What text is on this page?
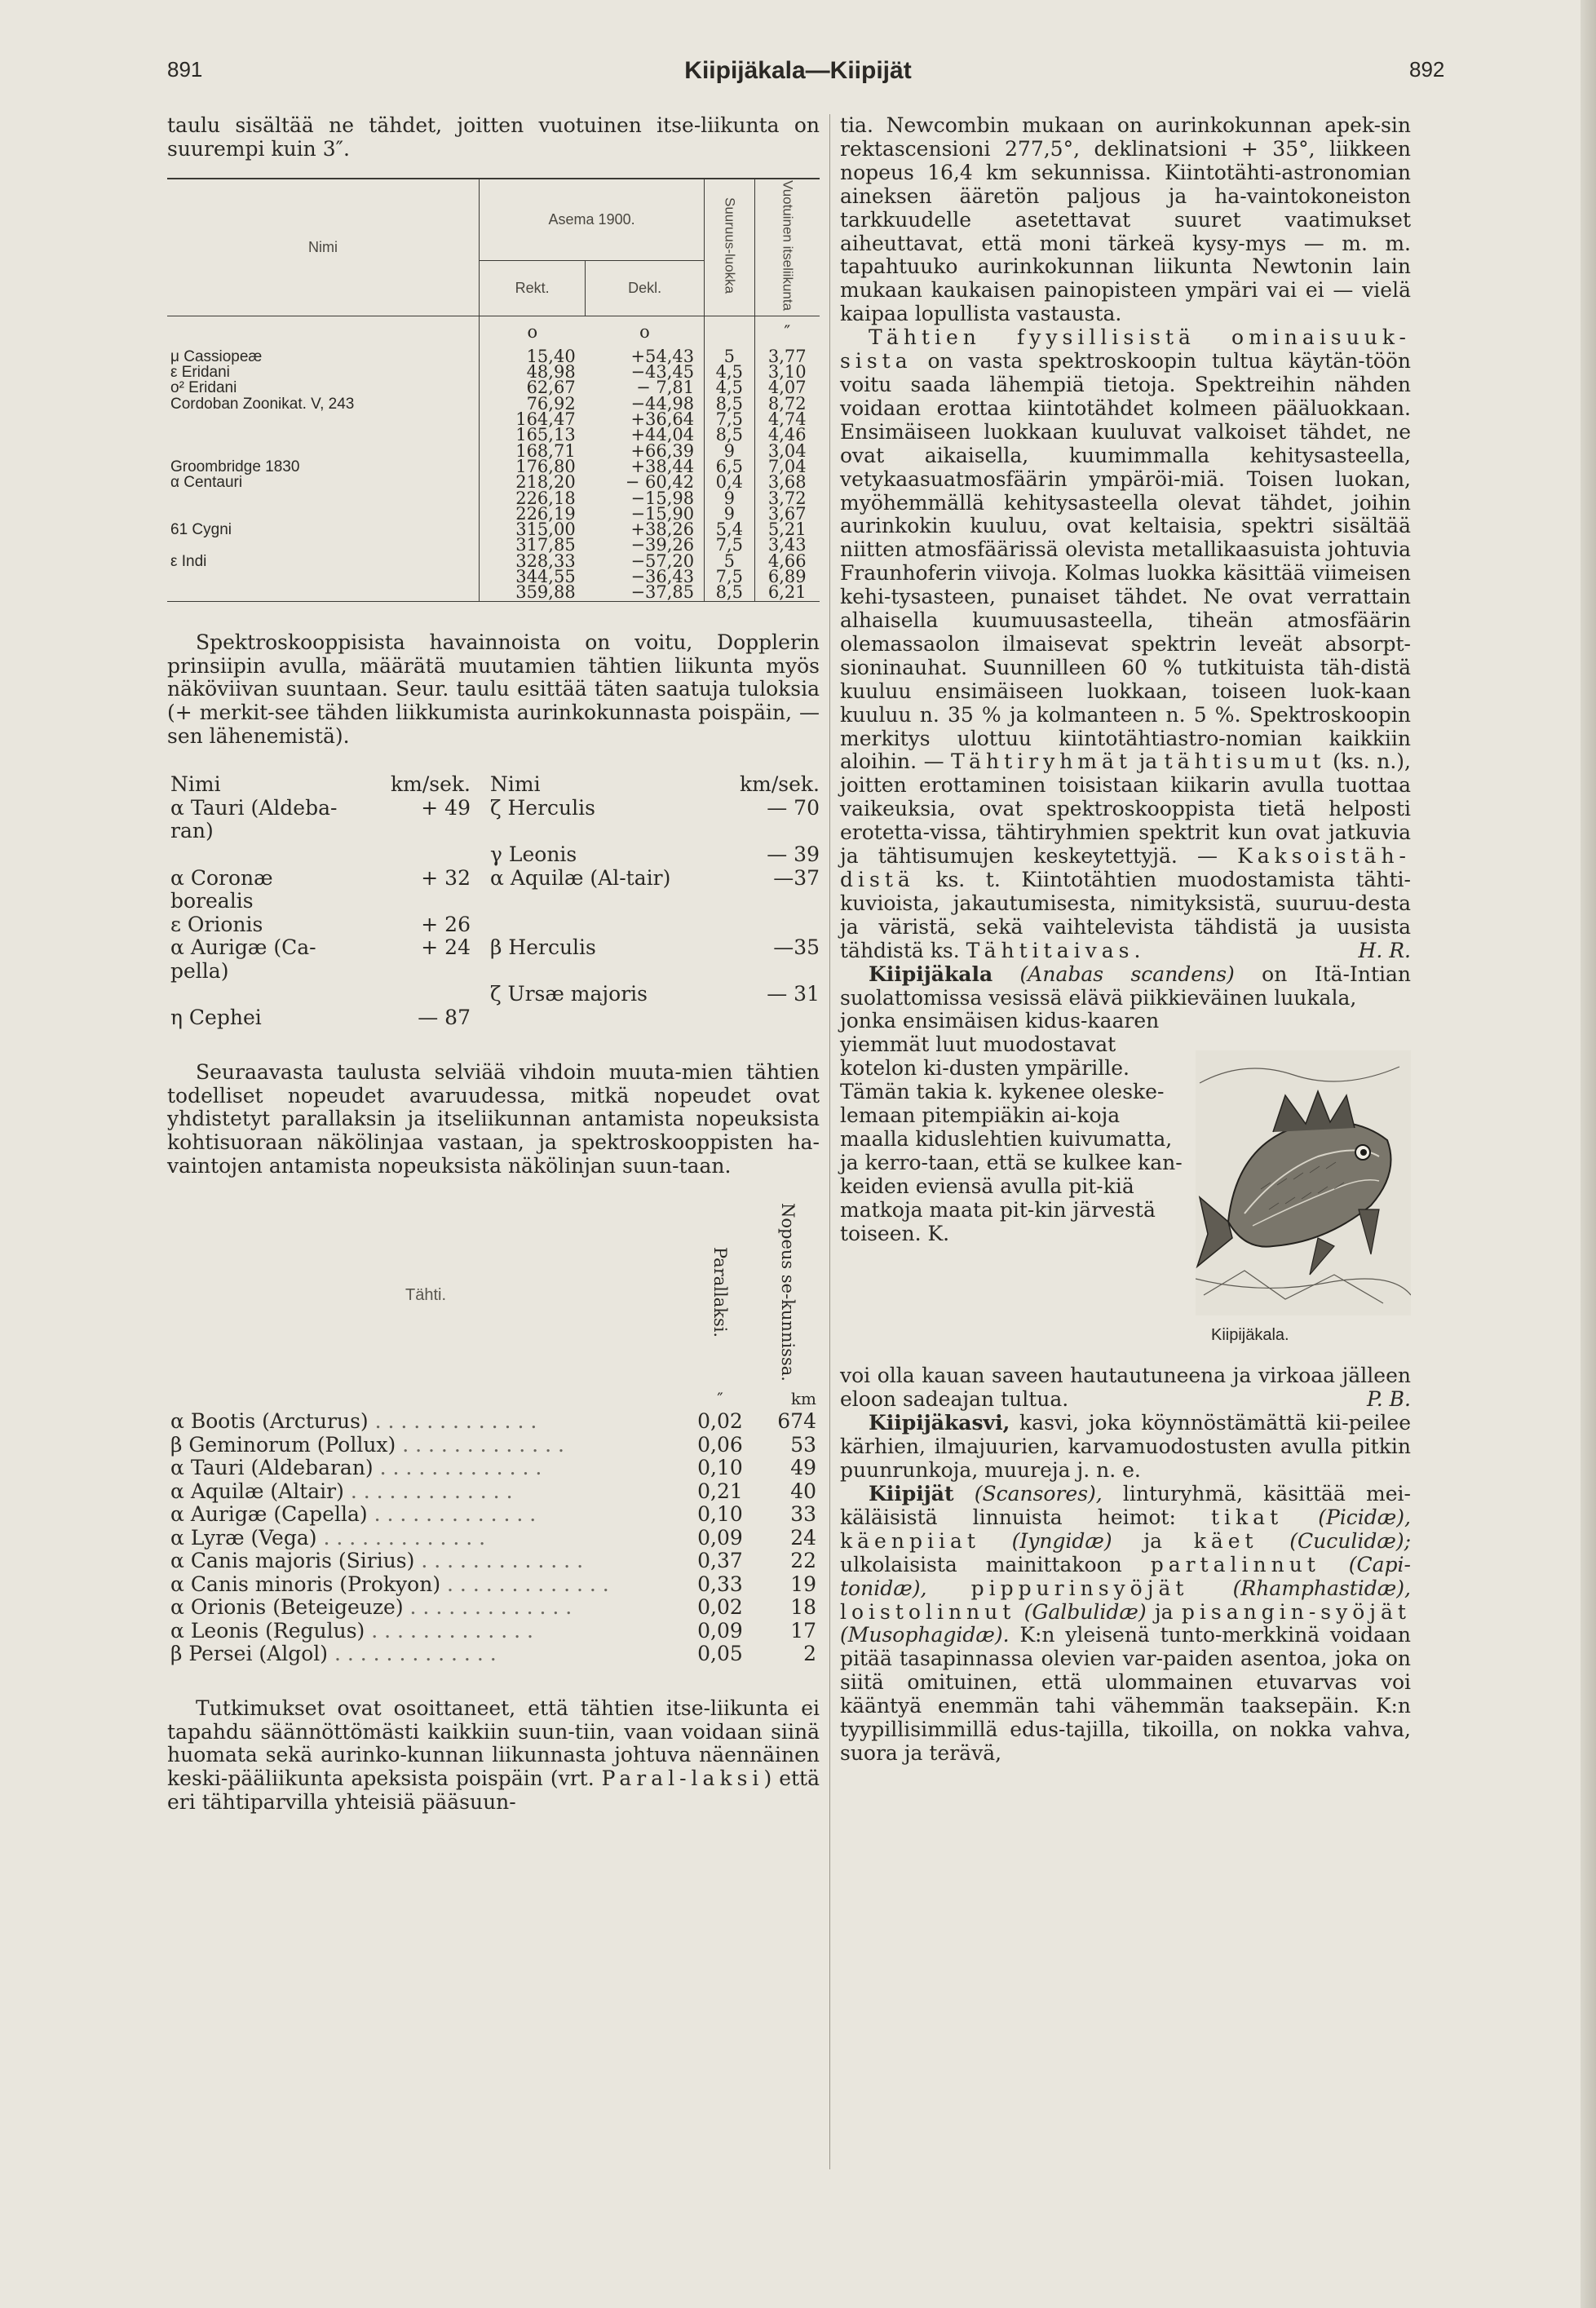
891	Kiipijäkala—Kiipijät	892

taulu sisältää ne tähdet, joitten vuotuinen itse-liikunta on suurempi kuin 3″.

Nimi	Asema 1900.		Suuruus-luokka	Vuotuinen itseliikunta
	Rekt.	Dekl.		
	o	o		″
μ Cassiopeæ	15,40	+54,43	5	3,77
ε Eridani	48,98	−43,45	4,5	3,10
o² Eridani	62,67	− 7,81	4,5	4,07
Cordoban Zoonikat. V, 243	76,92	−44,98	8,5	8,72
	164,47	+36,64	7,5	4,74
	165,13	+44,04	8,5	4,46
	168,71	+66,39	9	3,04
Groombridge 1830	176,80	+38,44	6,5	7,04
α Centauri	218,20	− 60,42	0,4	3,68
	226,18	−15,98	9	3,72
	226,19	−15,90	9	3,67
61 Cygni	315,00	+38,26	5,4	5,21
	317,85	−39,26	7,5	3,43
ε Indi	328,33	−57,20	5	4,66
	344,55	−36,43	7,5	6,89
	359,88	−37,85	8,5	6,21

Spektroskooppisista havainnoista on voitu, Dopplerin prinsiipin avulla, määrätä muutamien tähtien liikunta myös näköviivan suuntaan. Seur. taulu esittää täten saatuja tuloksia (+ merkit-see tähden liikkumista aurinkokunnasta poispäin, — sen lähenemistä).

Nimi	km/sek.	Nimi	km/sek.
α Tauri (Aldeba-ran)	+ 49	ζ Herculis	— 70
		γ Leonis	— 39
α Coronæ borealis	+ 32	α Aquilæ (Al-tair)	—37
ε Orionis	+ 26		
α Aurigæ (Ca-pella)	+ 24	β Herculis	—35
		ζ Ursæ majoris	— 31
η Cephei	— 87		

Seuraavasta taulusta selviää vihdoin muuta-mien tähtien todelliset nopeudet avaruudessa, mitkä nopeudet ovat yhdistetyt parallaksin ja itseliikunnan antamista nopeuksista kohtisuoraan näkölinjaa vastaan, ja spektroskooppisten ha-vaintojen antamista nopeuksista näkölinjan suun-taan.

Tähti.	Parallaksi.	Nopeus se-kunnissa.
	″	km
α Bootis (Arcturus) . . . . . . . . . . . . .	0,02	674
β Geminorum (Pollux) . . . . . . . . . . . . .	0,06	53
α Tauri (Aldebaran) . . . . . . . . . . . . .	0,10	49
α Aquilæ (Altair) . . . . . . . . . . . . .	0,21	40
α Aurigæ (Capella) . . . . . . . . . . . . .	0,10	33
α Lyræ (Vega) . . . . . . . . . . . . .	0,09	24
α Canis majoris (Sirius) . . . . . . . . . . . . .	0,37	22
α Canis minoris (Prokyon) . . . . . . . . . . . . .	0,33	19
α Orionis (Beteigeuze) . . . . . . . . . . . . .	0,02	18
α Leonis (Regulus) . . . . . . . . . . . . .	0,09	17
β Persei (Algol) . . . . . . . . . . . . .	0,05	2

Tutkimukset ovat osoittaneet, että tähtien itse-liikunta ei tapahdu säännöttömästi kaikkiin suun-tiin, vaan voidaan siinä huomata sekä aurinko-kunnan liikunnasta johtuva näennäinen keski-pääliikunta apeksista poispäin (vrt. Paral-laksi) että eri tähtiparvilla yhteisiä pääsuun-

tia. Newcombin mukaan on aurinkokunnan apek-sin rektascensioni 277,5°, deklinatsioni + 35°, liikkeen nopeus 16,4 km sekunnissa. Kiintotähti-astronomian aineksen ääretön paljous ja ha-vaintokoneiston tarkkuudelle asetettavat suuret vaatimukset aiheuttavat, että moni tärkeä kysy-mys — m. m. tapahtuuko aurinkokunnan liikunta Newtonin lain mukaan kaukaisen painopisteen ympäri vai ei — vielä kaipaa lopullista vastausta.

Tähtien fyysillisistä ominaisuuk-sista on vasta spektroskoopin tultua käytän-töön voitu saada lähempiä tietoja. Spektreihin nähden voidaan erottaa kiintotähdet kolmeen pääluokkaan. Ensimäiseen luokkaan kuuluvat valkoiset tähdet, ne ovat aikaisella, kuumimmalla kehitysasteella, vetykaasuatmosfäärin ympäröi-miä. Toisen luokan, myöhemmällä kehitysasteella olevat tähdet, joihin aurinkokin kuuluu, ovat keltaisia, spektri sisältää niitten atmosfäärissä olevista metallikaasuista johtuvia Fraunhoferin viivoja. Kolmas luokka käsittää viimeisen kehi-tysasteen, punaiset tähdet. Ne ovat verrattain alhaisella kuumuusasteella, tiheän atmosfäärin olemassaolon ilmaisevat spektrin leveät absorpt-sioninauhat. Suunnilleen 60 % tutkituista täh-distä kuuluu ensimäiseen luokkaan, toiseen luok-kaan kuuluu n. 35 % ja kolmanteen n. 5 %. Spektroskoopin merkitys ulottuu kiintotähtiastro-nomian kaikkiin aloihin. — Tähtiryhmät ja tähtisumut (ks. n.), joitten erottaminen toisistaan kiikarin avulla tuottaa vaikeuksia, ovat spektroskooppista tietä helposti erotetta-vissa, tähtiryhmien spektrit kun ovat jatkuvia ja tähtisumujen keskeytettyjä. — Kaksoistäh-distä ks. t. Kiintotähtien muodostamista tähti-kuvioista, jakautumisesta, nimityksistä, suuruu-desta ja väristä, sekä vaihtelevista tähdistä ja uusista tähdistä ks. Tähtitaivas.	H. R.

Kiipijäkala (Anabas scandens) on Itä-Intian suolattomissa vesissä elävä piikkieväinen luukala,

jonka ensimäisen kidus-kaaren yiemmät luut muodostavat kotelon ki-dusten ympärille. Tämän takia k. kykenee oleske-lemaan pitempiäkin ai-koja maalla kiduslehtien kuivumatta, ja kerro-taan, että se kulkee kan-keiden eviensä avulla pit-kiä matkoja maata pit-kin järvestä toiseen. K.

Kiipijäkala.

voi olla kauan saveen hautautuneena ja virkoaa jälleen eloon sadeajan tultua.	P. B.

Kiipijäkasvi, kasvi, joka köynnöstämättä kii-peilee kärhien, ilmajuurien, karvamuodostusten avulla pitkin puunrunkoja, muureja j. n. e.

Kiipijät (Scansores), linturyhmä, käsittää mei-käläisistä linnuista heimot: tikat (Picidæ), käenpiiat (Iyngidæ) ja käet (Cuculidæ); ulkolaisista mainittakoon partalinnut (Capi-tonidæ), pippurinsyöjät (Rhamphastidæ), loistolinnut (Galbulidæ) ja pisangin-syöjät (Musophagidæ). K:n yleisenä tunto-merkkinä voidaan pitää tasapinnassa olevien var-paiden asentoa, joka on siitä omituinen, että ulommainen etuvarvas voi kääntyä enemmän tahi vähemmän taaksepäin. K:n tyypillisimmillä edus-tajilla, tikoilla, on nokka vahva, suora ja terävä,
